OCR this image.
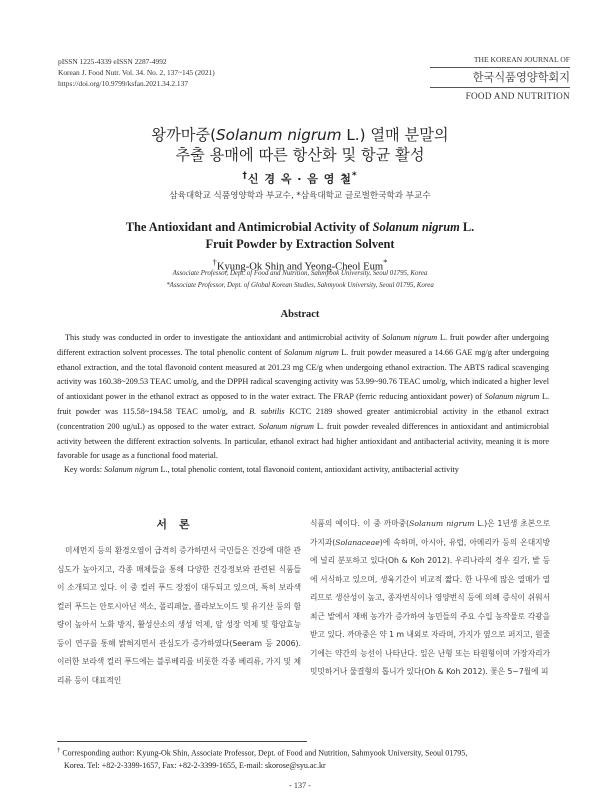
pISSN 1225-4339 eISSN 2287-4992
Korean J. Food Nutr. Vol. 34. No. 2, 137~145 (2021)
https://doi.org/10.9799/ksfan.2021.34.2.137
THE KOREAN JOURNAL OF
한국식품영양학회지
FOOD AND NUTRITION
왕까마중(Solanum nigrum L.) 열매 분말의
추출 용매에 따른 항산화 및 항균 활성
†신 경 옥 · 음 영 철*
삼육대학교 식품영양학과 부교수, *삼육대학교 글로벌한국학과 부교수
The Antioxidant and Antimicrobial Activity of Solanum nigrum L.
Fruit Powder by Extraction Solvent
†Kyung-Ok Shin and Yeong-Cheol Eum*
Associate Professor, Dept. of Food and Nutrition, Sahmyook University, Seoul 01795, Korea
*Associate Professor, Dept. of Global Korean Studies, Sahmyook University, Seoul 01795, Korea
Abstract
This study was conducted in order to investigate the antioxidant and antimicrobial activity of Solanum nigrum L. fruit powder after undergoing different extraction solvent processes. The total phenolic content of Solanum nigrum L. fruit powder measured a 14.66 GAE mg/g after undergoing ethanol extraction, and the total flavonoid content measured at 201.23 mg CE/g when undergoing ethanol extraction. The ABTS radical scavenging activity was 160.38~209.53 TEAC umol/g, and the DPPH radical scavenging activity was 53.99~90.76 TEAC umol/g, which indicated a higher level of antioxidant power in the ethanol extract as opposed to in the water extract. The FRAP (ferric reducing antioxidant power) of Solanum nigrum L. fruit powder was 115.58~194.58 TEAC umol/g, and B. subtilis KCTC 2189 showed greater antimicrobial activity in the ethanol extract (concentration 200 ug/uL) as opposed to the water extract. Solanum nigrum L. fruit powder revealed differences in antioxidant and antimicrobial activity between the different extraction solvents. In particular, ethanol extract had higher antioxidant and antibacterial activity, meaning it is more favorable for usage as a functional food material.
Key words: Solanum nigrum L., total phenolic content, total flavonoid content, antioxidant activity, antibacterial activity
서론
미세먼지 등의 환경오염이 급격히 증가하면서 국민들은 건강에 대한 관심도가 높아지고, 각종 매체들을 통해 다양한 건강정보와 관련된 식품들이 소개되고 있다. 이 중 컬러 푸드 장점이 대두되고 있으며, 특히 보라색 컬러 푸드는 안토시아닌 색소, 폴리페놀, 플라보노이드 및 유기산 등의 함량이 높아서 노화 방지, 활성산소의 생성 억제, 암 성장 억제 및 항암효능 등이 연구를 통해 밝혀지면서 관심도가 증가하였다(Seeram 등 2006). 이러한 보라색 컬러 푸드에는 블루베리를 비롯한 각종 베리류, 가지 및 체리류 등이 대표적인
식품의 예이다. 이 중 까마중(Solanum nigrum L.)은 1년생 초본으로 가지과(Solanaceae)에 속하며, 아시아, 유럽, 아메리카 등의 온대지방에 널리 분포하고 있다(Oh & Koh 2012). 우리나라의 경우 길가, 밭 등에 서식하고 있으며, 생육기간이 비교적 짧다. 한 나무에 많은 열매가 열리므로 생산성이 높고, 종자번식이나 영양번식 등에 의해 증식이 쉬워서 최근 밭에서 재배 농가가 증가하여 농민들의 주요 수입 농작물로 각광을 받고 있다. 까마중은 약 1 m 내외로 자라며, 가지가 옆으로 퍼지고, 원줄기에는 약간의 능선이 나타난다. 잎은 난형 또는 타원형이며 가장자리가 밋밋하거나 물결형의 톱니가 있다(Oh & Koh 2012). 꽃은 5~7월에 피
† Corresponding author: Kyung-Ok Shin, Associate Professor, Dept. of Food and Nutrition, Sahmyook University, Seoul 01795,
Korea. Tel: +82-2-3399-1657, Fax: +82-2-3399-1655, E-mail: skorose@syu.ac.kr
- 137 -
